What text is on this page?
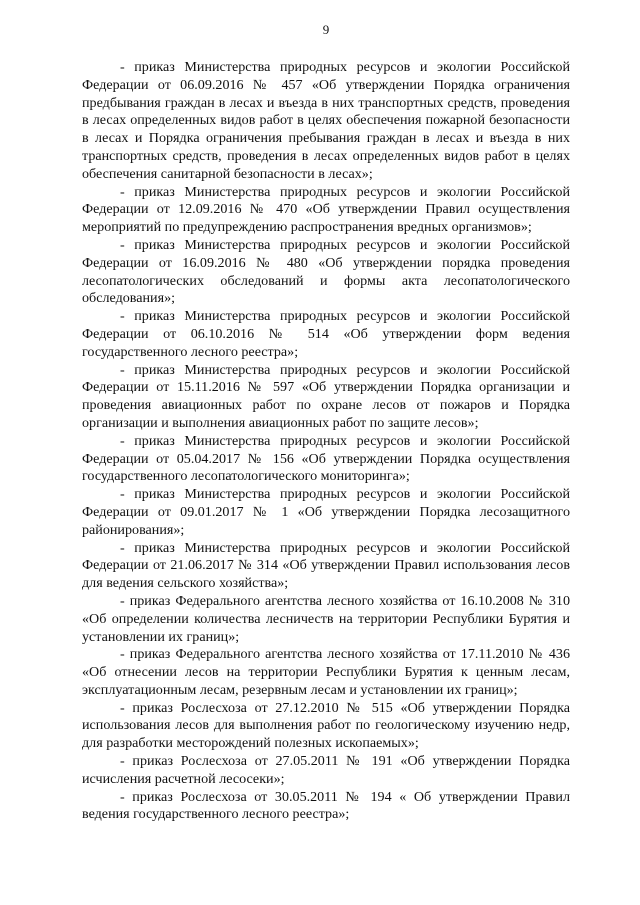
9

- приказ Министерства природных ресурсов и экологии Российской Федерации от 06.09.2016 № 457 «Об утверждении Порядка ограничения предбывания граждан в лесах и въезда в них транспортных средств, проведения в лесах определенных видов работ в целях обеспечения пожарной безопасности в лесах и Порядка ограничения пребывания граждан в лесах и въезда в них транспортных средств, проведения в лесах определенных видов работ в целях обеспечения санитарной безопасности в лесах»;

- приказ Министерства природных ресурсов и экологии Российской Федерации от 12.09.2016 № 470 «Об утверждении Правил осуществления мероприятий по предупреждению распространения вредных организмов»;

- приказ Министерства природных ресурсов и экологии Российской Федерации от 16.09.2016 № 480 «Об утверждении порядка проведения лесопатологических обследований и формы акта лесопатологического обследования»;

- приказ Министерства природных ресурсов и экологии Российской Федерации от 06.10.2016 № 514 «Об утверждении форм ведения государственного лесного реестра»;

- приказ Министерства природных ресурсов и экологии Российской Федерации от 15.11.2016 № 597 «Об утверждении Порядка организации и проведения авиационных работ по охране лесов от пожаров и Порядка организации и выполнения авиационных работ по защите лесов»;

- приказ Министерства природных ресурсов и экологии Российской Федерации от 05.04.2017 № 156 «Об утверждении Порядка осуществления государственного лесопатологического мониторинга»;

- приказ Министерства природных ресурсов и экологии Российской Федерации от 09.01.2017 № 1 «Об утверждении Порядка лесозащитного районирования»;

- приказ Министерства природных ресурсов и экологии Российской Федерации от 21.06.2017 № 314 «Об утверждении Правил использования лесов для ведения сельского хозяйства»;

- приказ Федерального агентства лесного хозяйства от 16.10.2008 № 310 «Об определении количества лесничеств на территории Республики Бурятия и установлении их границ»;

- приказ Федерального агентства лесного хозяйства от 17.11.2010 № 436 «Об отнесении лесов на территории Республики Бурятия к ценным лесам, эксплуатационным лесам, резервным лесам и установлении их границ»;

- приказ Рослесхоза от 27.12.2010 № 515 «Об утверждении Порядка использования лесов для выполнения работ по геологическому изучению недр, для разработки месторождений полезных ископаемых»;

- приказ Рослесхоза от 27.05.2011 № 191 «Об утверждении Порядка исчисления расчетной лесосеки»;

- приказ Рослесхоза от 30.05.2011 № 194 « Об утверждении Правил ведения государственного лесного реестра»;
